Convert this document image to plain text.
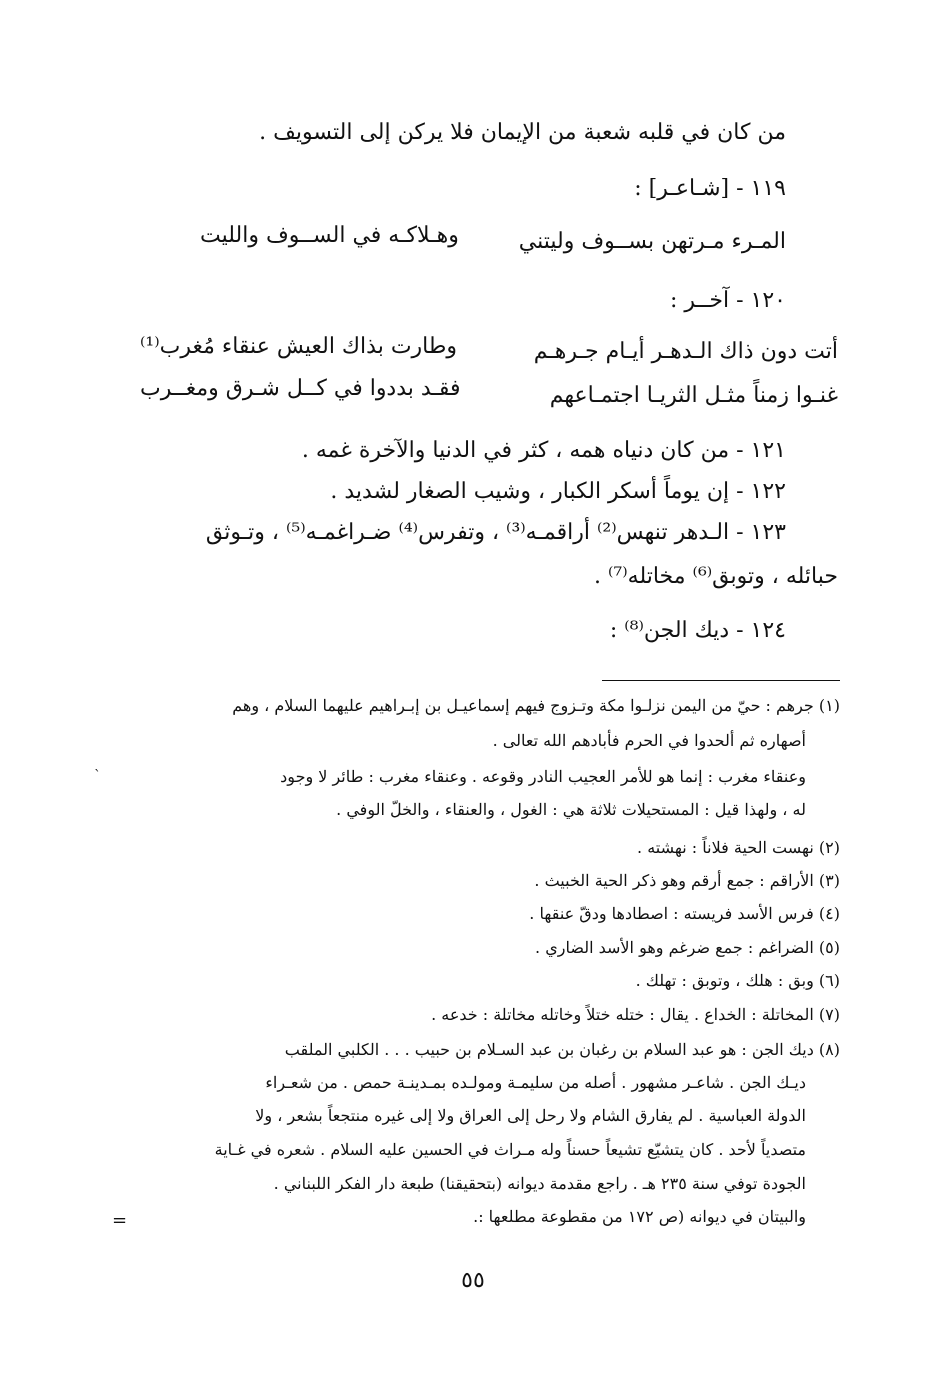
من كان في قلبه شعبة من الإيمان فلا يركن إلى التسويف .
١١٩ - [شـاعـر] :
المـرء مـرتهن بســوف وليتني
وهـلاكـه في الســوف والليت
١٢٠ - آخــر :
أتت دون ذاك الـدهـر أيـام جـرهـم
وطارت بذاك العيش عنقاء مُغرب⁽¹⁾
غنـوا زمناً مثـل الثريـا اجتمـاعهم
فقـد بددوا في كــل شـرق ومغــرب
١٢١ - من كان دنياه همه ، كثر في الدنيا والآخرة غمه .
١٢٢ - إن يوماً أسكر الكبار ، وشيب الصغار لشديد .
١٢٣ - الـدهر تنهس⁽²⁾ أراقمـه⁽³⁾ ، وتفرس⁽⁴⁾ ضـراغمـه⁽⁵⁾ ، وتـوثق
حبائله ، وتوبق⁽⁶⁾ مخاتله⁽⁷⁾ .
١٢٤ - ديك الجن⁽⁸⁾ :
(١) جرهم : حيّ من اليمن نزلـوا مكة وتـزوج فيهم إسماعيـل بن إبـراهيم عليهما السلام ، وهم
أصهاره ثم ألحدوا في الحرم فأبادهم الله تعالى .
وعنقاء مغرب : إنما هو للأمر العجيب النادر وقوعه . وعنقاء مغرب : طائر لا وجود
له ، ولهذا قيل : المستحيلات ثلاثة هي : الغول ، والعنقاء ، والخلّ الوفي .
(٢) نهست الحية فلاناً : نهشته .
(٣) الأراقم : جمع أرقم وهو ذكر الحية الخبيث .
(٤) فرس الأسد فريسته : اصطادها ودقّ عنقها .
(٥) الضراغم : جمع ضرغم وهو الأسد الضاري .
(٦) وبق : هلك ، وتوبق : تهلك .
(٧) المخاتلة : الخداع . يقال : ختله ختلاً وخاتله مخاتلة : خدعه .
(٨) ديك الجن : هو عبد السلام بن رغبان بن عبد السـلام بن حبيب . . . الكلبي الملقب
ديـك الجن . شاعـر مشهور . أصله من سليمـة ومولـده بمـدينـة حمص . من شعـراء
الدولة العباسية . لم يفارق الشام ولا رحل إلى العراق ولا إلى غيره منتجعاً بشعر ، ولا
متصدياً لأحد . كان يتشيّع تشيعاً حسناً وله مـراث في الحسين عليه السلام . شعره في غـاية
الجودة توفي سنة ٢٣٥ هـ . راجع مقدمة ديوانه (بتحقيقنا) طبعة دار الفكر اللبناني .
والبيتان في ديوانه (ص ١٧٢ من مقطوعة مطلعها :.
=
`
٥٥
